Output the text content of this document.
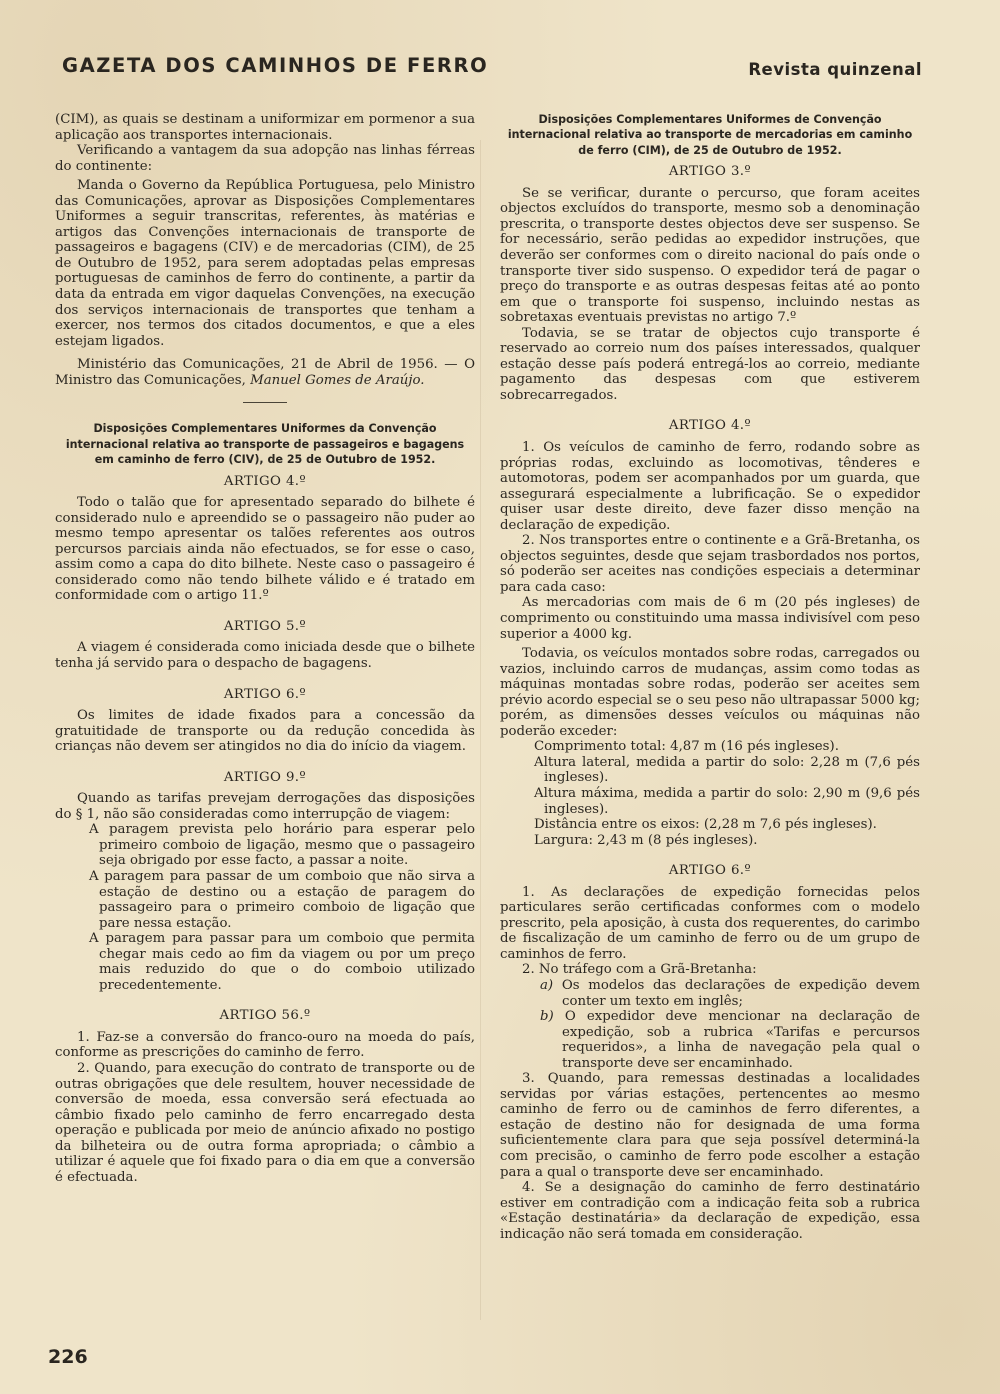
GAZETA DOS CAMINHOS DE FERRO	Revista quinzenal

(CIM), as quais se destinam a uniformizar em pormenor a sua aplicação aos transportes internacionais.

Verificando a vantagem da sua adopção nas linhas férreas do continente:

Manda o Governo da República Portuguesa, pelo Ministro das Comunicações, aprovar as Disposições Complementares Uniformes a seguir transcritas, referentes, às matérias e artigos das Convenções internacionais de transporte de passageiros e bagagens (CIV) e de mercadorias (CIM), de 25 de Outubro de 1952, para serem adoptadas pelas empresas portuguesas de caminhos de ferro do continente, a partir da data da entrada em vigor daquelas Convenções, na execução dos serviços internacionais de transportes que tenham a exercer, nos termos dos citados documentos, e que a eles estejam ligados.

Ministério das Comunicações, 21 de Abril de 1956. — O Ministro das Comunicações, Manuel Gomes de Araújo.

Disposições Complementares Uniformes da Convenção internacional relativa ao transporte de passageiros e bagagens em caminho de ferro (CIV), de 25 de Outubro de 1952.

ARTIGO 4.º

Todo o talão que for apresentado separado do bilhete é considerado nulo e apreendido se o passageiro não puder ao mesmo tempo apresentar os talões referentes aos outros percursos parciais ainda não efectuados, se for esse o caso, assim como a capa do dito bilhete. Neste caso o passageiro é considerado como não tendo bilhete válido e é tratado em conformidade com o artigo 11.º

ARTIGO 5.º

A viagem é considerada como iniciada desde que o bilhete tenha já servido para o despacho de bagagens.

ARTIGO 6.º

Os limites de idade fixados para a concessão da gratuitidade de transporte ou da redução concedida às crianças não devem ser atingidos no dia do início da viagem.

ARTIGO 9.º

Quando as tarifas prevejam derrogações das disposições do § 1, não são consideradas como interrupção de viagem:

A paragem prevista pelo horário para esperar pelo primeiro comboio de ligação, mesmo que o passageiro seja obrigado por esse facto, a passar a noite.

A paragem para passar de um comboio que não sirva a estação de destino ou a estação de paragem do passageiro para o primeiro comboio de ligação que pare nessa estação.

A paragem para passar para um comboio que permita chegar mais cedo ao fim da viagem ou por um preço mais reduzido do que o do comboio utilizado precedentemente.

ARTIGO 56.º

1. Faz-se a conversão do franco-ouro na moeda do país, conforme as prescrições do caminho de ferro.

2. Quando, para execução do contrato de transporte ou de outras obrigações que dele resultem, houver necessidade de conversão de moeda, essa conversão será efectuada ao câmbio fixado pelo caminho de ferro encarregado desta operação e publicada por meio de anúncio afixado no postigo da bilheteira ou de outra forma apropriada; o câmbio a utilizar é aquele que foi fixado para o dia em que a conversão é efectuada.

Disposições Complementares Uniformes de Convenção internacional relativa ao transporte de mercadorias em caminho de ferro (CIM), de 25 de Outubro de 1952.

ARTIGO 3.º

Se se verificar, durante o percurso, que foram aceites objectos excluídos do transporte, mesmo sob a denominação prescrita, o transporte destes objectos deve ser suspenso. Se for necessário, serão pedidas ao expedidor instruções, que deverão ser conformes com o direito nacional do país onde o transporte tiver sido suspenso. O expedidor terá de pagar o preço do transporte e as outras despesas feitas até ao ponto em que o transporte foi suspenso, incluindo nestas as sobretaxas eventuais previstas no artigo 7.º

Todavia, se se tratar de objectos cujo transporte é reservado ao correio num dos países interessados, qualquer estação desse país poderá entregá-los ao correio, mediante pagamento das despesas com que estiverem sobrecarregados.

ARTIGO 4.º

1. Os veículos de caminho de ferro, rodando sobre as próprias rodas, excluindo as locomotivas, tênderes e automotoras, podem ser acompanhados por um guarda, que assegurará especialmente a lubrificação. Se o expedidor quiser usar deste direito, deve fazer disso menção na declaração de expedição.

2. Nos transportes entre o continente e a Grã-Bretanha, os objectos seguintes, desde que sejam trasbordados nos portos, só poderão ser aceites nas condições especiais a determinar para cada caso:

As mercadorias com mais de 6 m (20 pés ingleses) de comprimento ou constituindo uma massa indivisível com peso superior a 4000 kg.

Todavia, os veículos montados sobre rodas, carregados ou vazios, incluindo carros de mudanças, assim como todas as máquinas montadas sobre rodas, poderão ser aceites sem prévio acordo especial se o seu peso não ultrapassar 5000 kg; porém, as dimensões desses veículos ou máquinas não poderão exceder:

Comprimento total: 4,87 m (16 pés ingleses).

Altura lateral, medida a partir do solo: 2,28 m (7,6 pés ingleses).

Altura máxima, medida a partir do solo: 2,90 m (9,6 pés ingleses).

Distância entre os eixos: (2,28 m 7,6 pés ingleses).

Largura: 2,43 m (8 pés ingleses).

ARTIGO 6.º

1. As declarações de expedição fornecidas pelos particulares serão certificadas conformes com o modelo prescrito, pela aposição, à custa dos requerentes, do carimbo de fiscalização de um caminho de ferro ou de um grupo de caminhos de ferro.

2. No tráfego com a Grã-Bretanha:

a) Os modelos das declarações de expedição devem conter um texto em inglês;

b) O expedidor deve mencionar na declaração de expedição, sob a rubrica «Tarifas e percursos requeridos», a linha de navegação pela qual o transporte deve ser encaminhado.

3. Quando, para remessas destinadas a localidades servidas por várias estações, pertencentes ao mesmo caminho de ferro ou de caminhos de ferro diferentes, a estação de destino não for designada de uma forma suficientemente clara para que seja possível determiná-la com precisão, o caminho de ferro pode escolher a estação para a qual o transporte deve ser encaminhado.

4. Se a designação do caminho de ferro destinatário estiver em contradição com a indicação feita sob a rubrica «Estação destinatária» da declaração de expedição, essa indicação não será tomada em consideração.

226
